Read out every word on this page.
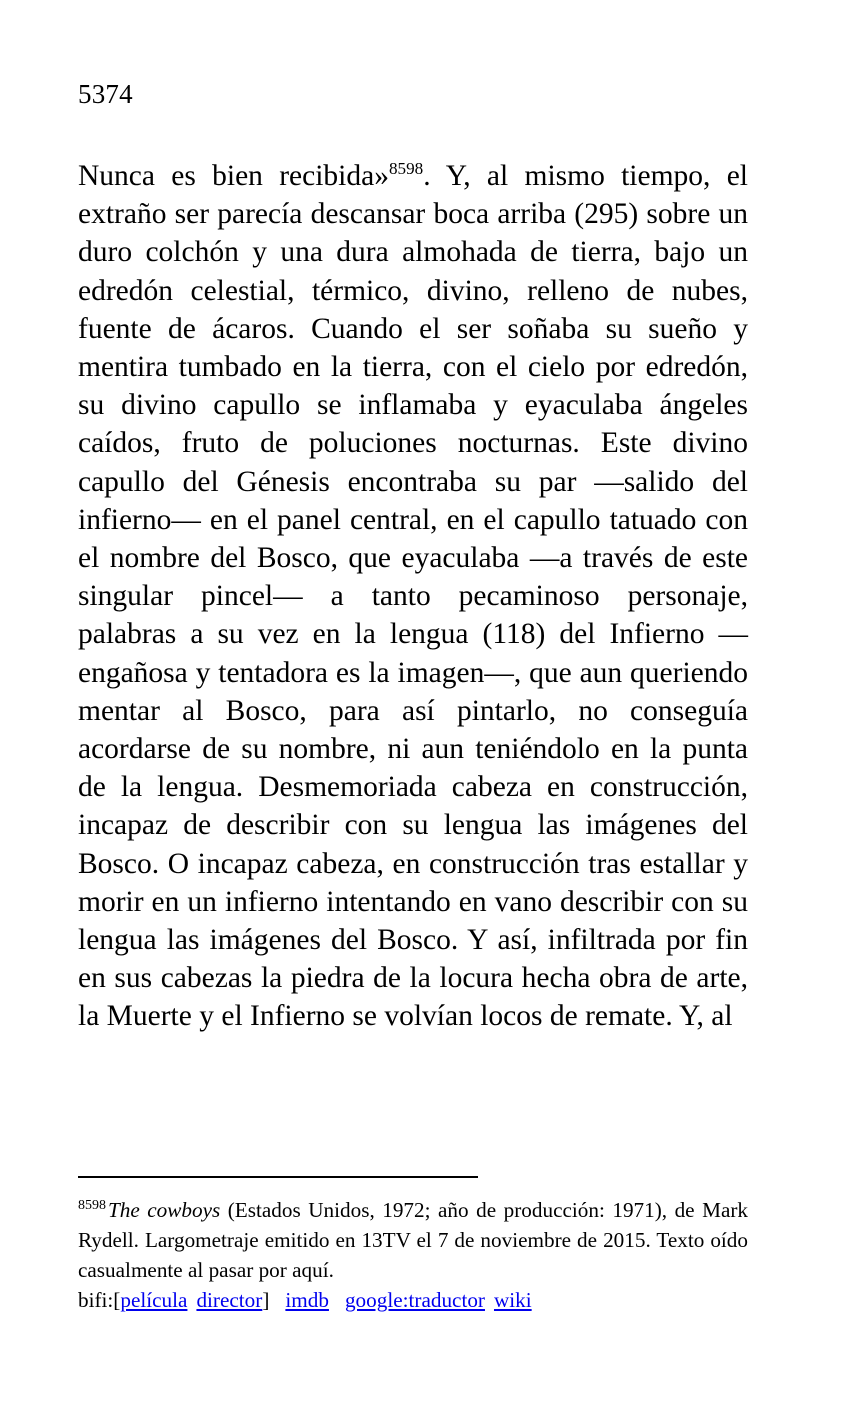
5374

Nunca es bien recibida»$^{8598}$. Y, al mismo tiempo, el extraño ser parecía descansar boca arriba (295) sobre un duro colchón y una dura almohada de tierra, bajo un edredón celestial, térmico, divino, relleno de nubes, fuente de ácaros. Cuando el ser soñaba su sueño y mentira tumbado en la tierra, con el cielo por edredón, su divino capullo se inflamaba y eyaculaba ángeles caídos, fruto de poluciones nocturnas. Este divino capullo del Génesis encontraba su par —salido del infierno— en el panel central, en el capullo tatuado con el nombre del Bosco, que eyaculaba —a través de este singular pincel— a tanto pecaminoso personaje, palabras a su vez en la lengua (118) del Infierno —engañosa y tentadora es la imagen—, que aun queriendo mentar al Bosco, para así pintarlo, no conseguía acordarse de su nombre, ni aun teniéndolo en la punta de la lengua. Desmemoriada cabeza en construcción, incapaz de describir con su lengua las imágenes del Bosco. O incapaz cabeza, en construcción tras estallar y morir en un infierno intentando en vano describir con su lengua las imágenes del Bosco. Y así, infiltrada por fin en sus cabezas la piedra de la locura hecha obra de arte, la Muerte y el Infierno se volvían locos de remate. Y, al

$^{8598}$The cowboys (Estados Unidos, 1972; año de producción: 1971), de Mark Rydell. Largometraje emitido en 13TV el 7 de noviembre de 2015. Texto oído casualmente al pasar por aquí.

bifi:[película director] imdb google:traductor wiki
